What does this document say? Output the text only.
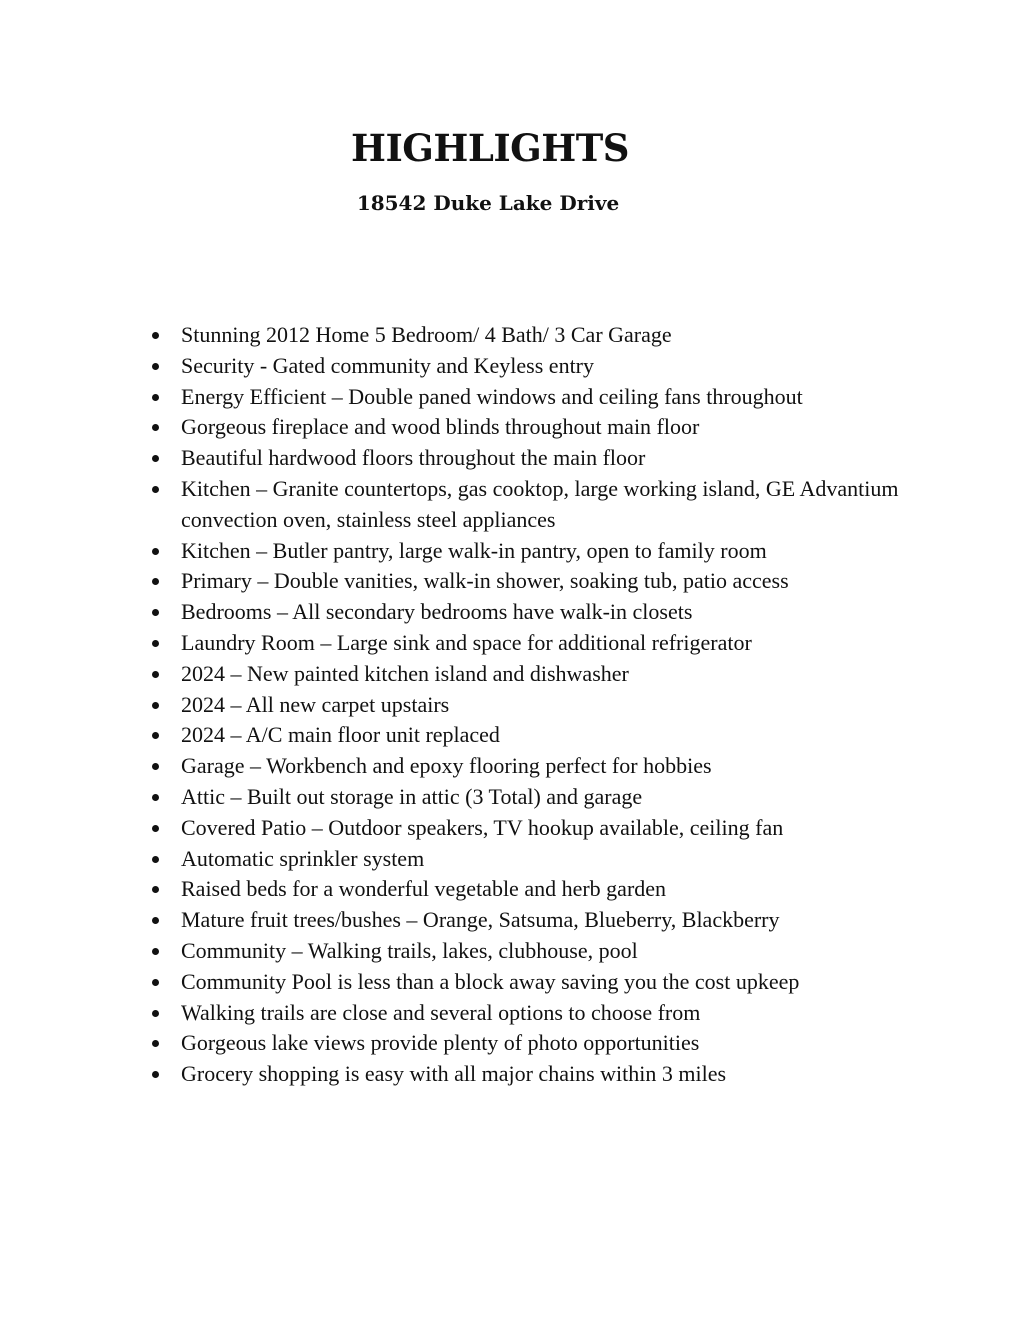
HIGHLIGHTS
18542 Duke Lake Drive
Stunning 2012 Home 5 Bedroom/ 4 Bath/ 3 Car Garage
Security - Gated community and Keyless entry
Energy Efficient – Double paned windows and ceiling fans throughout
Gorgeous fireplace and wood blinds throughout main floor
Beautiful hardwood floors throughout the main floor
Kitchen – Granite countertops, gas cooktop, large working island, GE Advantium convection oven, stainless steel appliances
Kitchen – Butler pantry, large walk-in pantry, open to family room
Primary – Double vanities, walk-in shower, soaking tub, patio access
Bedrooms – All secondary bedrooms have walk-in closets
Laundry Room – Large sink and space for additional refrigerator
2024 – New painted kitchen island and dishwasher
2024 – All new carpet upstairs
2024 – A/C main floor unit replaced
Garage – Workbench and epoxy flooring perfect for hobbies
Attic – Built out storage in attic (3 Total) and garage
Covered Patio – Outdoor speakers, TV hookup available, ceiling fan
Automatic sprinkler system
Raised beds for a wonderful vegetable and herb garden
Mature fruit trees/bushes – Orange, Satsuma, Blueberry, Blackberry
Community – Walking trails, lakes, clubhouse, pool
Community Pool is less than a block away saving you the cost upkeep
Walking trails are close and several options to choose from
Gorgeous lake views provide plenty of photo opportunities
Grocery shopping is easy with all major chains within 3 miles
